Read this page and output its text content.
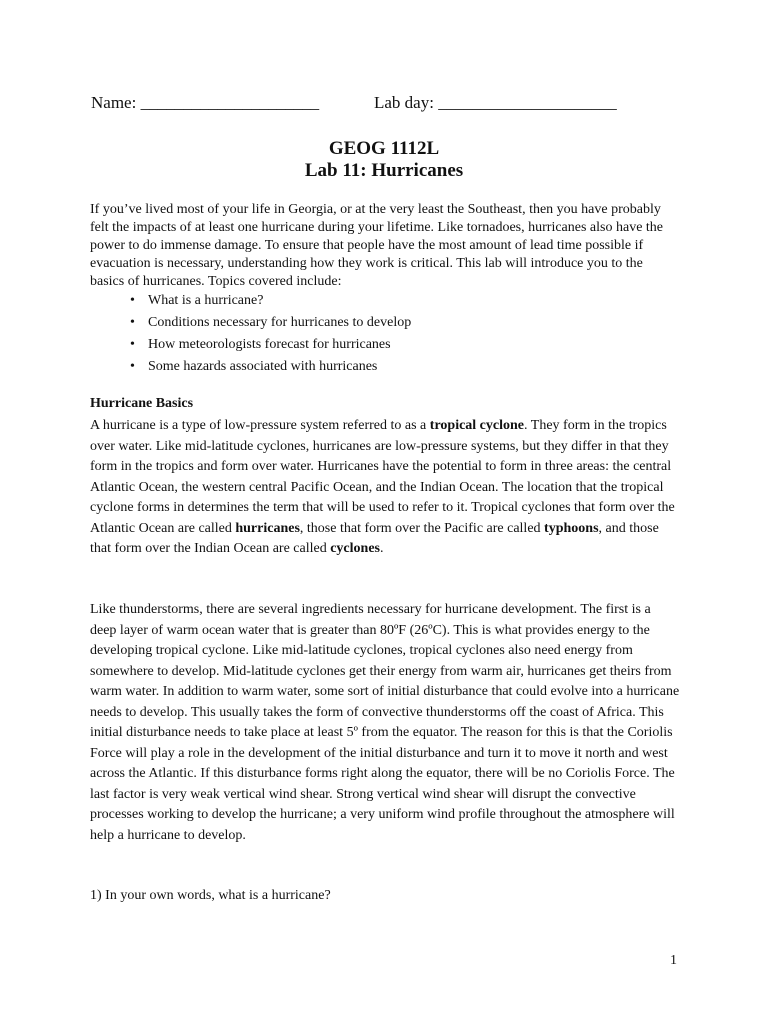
Name: _____________________	Lab day: _____________________
GEOG 1112L
Lab 11: Hurricanes

If you’ve lived most of your life in Georgia, or at the very least the Southeast, then you have probably felt the impacts of at least one hurricane during your lifetime. Like tornadoes, hurricanes also have the power to do immense damage. To ensure that people have the most amount of lead time possible if evacuation is necessary, understanding how they work is critical. This lab will introduce you to the basics of hurricanes. Topics covered include:

• What is a hurricane?
• Conditions necessary for hurricanes to develop
• How meteorologists forecast for hurricanes
• Some hazards associated with hurricanes
Hurricane Basics

A hurricane is a type of low-pressure system referred to as a tropical cyclone. They form in the tropics over water. Like mid-latitude cyclones, hurricanes are low-pressure systems, but they differ in that they form in the tropics and form over water. Hurricanes have the potential to form in three areas: the central Atlantic Ocean, the western central Pacific Ocean, and the Indian Ocean. The location that the tropical cyclone forms in determines the term that will be used to refer to it. Tropical cyclones that form over the Atlantic Ocean are called hurricanes, those that form over the Pacific are called typhoons, and those that form over the Indian Ocean are called cyclones.

Like thunderstorms, there are several ingredients necessary for hurricane development. The first is a deep layer of warm ocean water that is greater than 80ºF (26ºC). This is what provides energy to the developing tropical cyclone. Like mid-latitude cyclones, tropical cyclones also need energy from somewhere to develop. Mid-latitude cyclones get their energy from warm air, hurricanes get theirs from warm water. In addition to warm water, some sort of initial disturbance that could evolve into a hurricane needs to develop. This usually takes the form of convective thunderstorms off the coast of Africa. This initial disturbance needs to take place at least 5º from the equator. The reason for this is that the Coriolis Force will play a role in the development of the initial disturbance and turn it to move it north and west across the Atlantic. If this disturbance forms right along the equator, there will be no Coriolis Force. The last factor is very weak vertical wind shear. Strong vertical wind shear will disrupt the convective processes working to develop the hurricane; a very uniform wind profile throughout the atmosphere will help a hurricane to develop.

1) In your own words, what is a hurricane?
1
